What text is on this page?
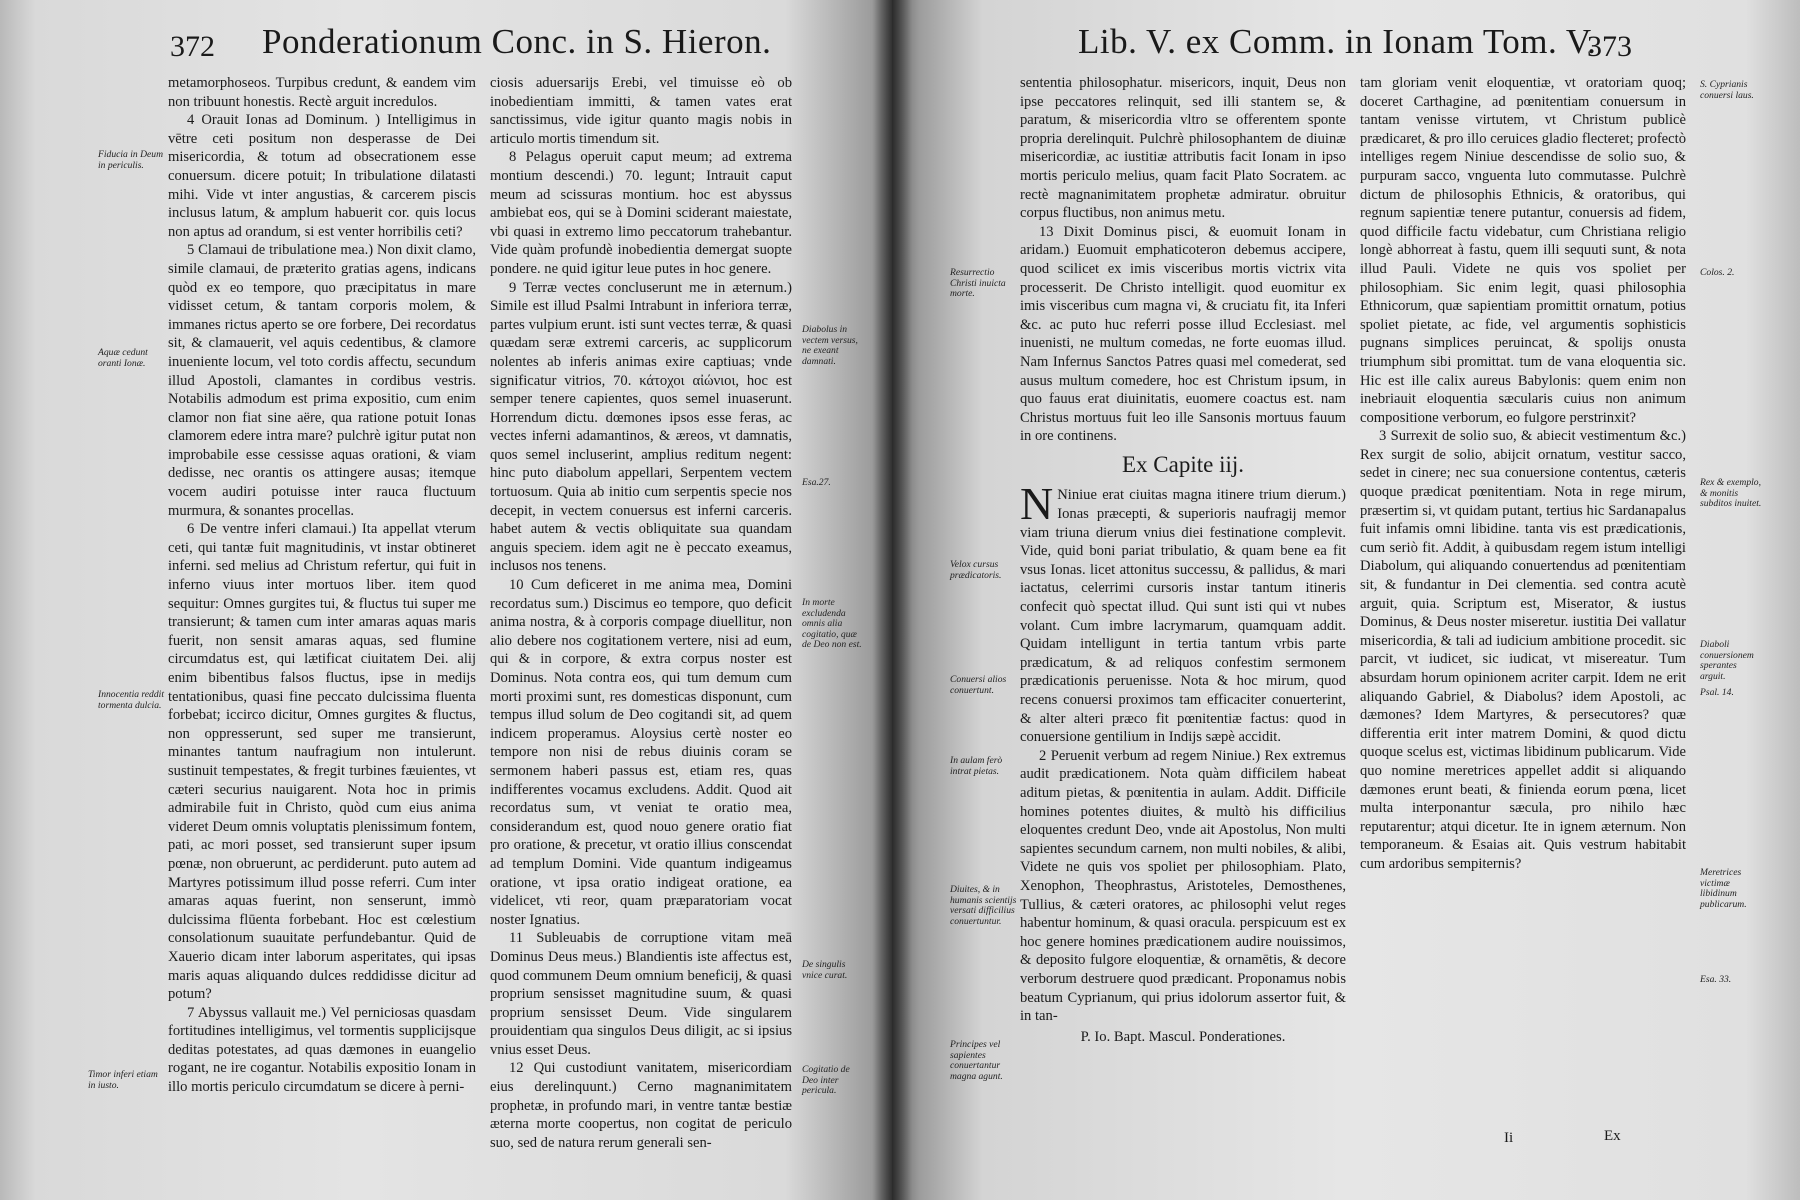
372 Ponderationum Conc. in S. Hieron.
Fiducia in Deum in periculis.
Aquæ cedunt oranti Ionæ.
Innocentia reddit tormenta dulcia.
Timor inferi etiam in iusto.

metamorphoseos. Turpibus credunt, & eandem vim non tribuunt honestis. Rectè arguit incredulos.

4 Orauit Ionas ad Dominum. ) Intelligimus in vētre ceti positum non desperasse de Dei misericordia, & totum ad obsecrationem esse conuersum. dicere potuit; In tribulatione dilatasti mihi. Vide vt inter angustias, & carcerem piscis inclusus latum, & amplum habuerit cor. quis locus non aptus ad orandum, si est venter horribilis ceti?

5 Clamaui de tribulatione mea.) Non dixit clamo, simile clamaui, de præterito gratias agens, indicans quòd ex eo tempore, quo præcipitatus in mare vidisset cetum, & tantam corporis molem, & immanes rictus aperto se ore forbere, Dei recordatus sit, & clamauerit, vel aquis cedentibus, & clamore inueniente locum, vel toto cordis affectu, secundum illud Apostoli, clamantes in cordibus vestris. Notabilis admodum est prima expositio, cum enim clamor non fiat sine aëre, qua ratione potuit Ionas clamorem edere intra mare? pulchrè igitur putat non improbabile esse cessisse aquas orationi, & viam dedisse, nec orantis os attingere ausas; itemque vocem audiri potuisse inter rauca fluctuum murmura, & sonantes procellas.

6 De ventre inferi clamaui.) Ita appellat vterum ceti, qui tantæ fuit magnitudinis, vt instar obtineret inferni. sed melius ad Christum refertur, qui fuit in inferno viuus inter mortuos liber. item quod sequitur: Omnes gurgites tui, & fluctus tui super me transierunt; & tamen cum inter amaras aquas maris fuerit, non sensit amaras aquas, sed flumine circumdatus est, qui lætificat ciuitatem Dei. alij enim bibentibus falsos fluctus, ipse in medijs tentationibus, quasi fine peccato dulcissima fluenta forbebat; iccirco dicitur, Omnes gurgites & fluctus, non oppresserunt, sed super me transierunt, minantes tantum naufragium non intulerunt. sustinuit tempestates, & fregit turbines fæuientes, vt cæteri securius nauigarent. Nota hoc in primis admirabile fuit in Christo, quòd cum eius anima videret Deum omnis voluptatis plenissimum fontem, pati, ac mori posset, sed transierunt super ipsum pœnæ, non obruerunt, ac perdiderunt. puto autem ad Martyres potissimum illud posse referri. Cum inter amaras aquas fuerint, non senserunt, immò dulcissima flūenta forbebant. Hoc est cœlestium consolationum suauitate perfundebantur. Quid de Xauerio dicam inter laborum asperitates, qui ipsas maris aquas aliquando dulces reddidisse dicitur ad potum?

7 Abyssus vallauit me.) Vel perniciosas quasdam fortitudines intelligimus, vel tormentis supplicijsque deditas potestates, ad quas dæmones in euangelio rogant, ne ire cogantur. Notabilis expositio Ionam in illo mortis periculo circumdatum se dicere à perni-

ciosis aduersarijs Erebi, vel timuisse eò ob inobedientiam immitti, & tamen vates erat sanctissimus, vide igitur quanto magis nobis in articulo mortis timendum sit.

8 Pelagus operuit caput meum; ad extrema montium descendi.) 70. legunt; Intrauit caput meum ad scissuras montium. hoc est abyssus ambiebat eos, qui se à Domini sciderant maiestate, vbi quasi in extremo limo peccatorum trahebantur. Vide quàm profundè inobedientia demergat suopte pondere. ne quid igitur leue putes in hoc genere.

9 Terræ vectes concluserunt me in æternum.) Simile est illud Psalmi Intrabunt in inferiora terræ, partes vulpium erunt. isti sunt vectes terræ, & quasi quædam seræ extremi carceris, ac supplicorum nolentes ab inferis animas exire captiuas; vnde significatur vitrios, 70. κάτοχοι αἰώνιοι, hoc est semper tenere capientes, quos semel inuaserunt. Horrendum dictu. dœmones ipsos esse feras, ac vectes inferni adamantinos, & æreos, vt damnatis, quos semel incluserint, amplius reditum negent: hinc puto diabolum appellari, Serpentem vectem tortuosum. Quia ab initio cum serpentis specie nos decepit, in vectem conuersus est inferni carceris. habet autem & vectis obliquitate sua quandam anguis speciem. idem agit ne è peccato exeamus, inclusos nos tenens.

10 Cum deficeret in me anima mea, Domini recordatus sum.) Discimus eo tempore, quo deficit anima nostra, & à corporis compage diuellitur, non alio debere nos cogitationem vertere, nisi ad eum, qui & in corpore, & extra corpus noster est Dominus. Nota contra eos, qui tum demum cum morti proximi sunt, res domesticas disponunt, cum tempus illud solum de Deo cogitandi sit, ad quem indicem properamus. Aloysius certè noster eo tempore non nisi de rebus diuinis coram se sermonem haberi passus est, etiam res, quas indifferentes vocamus excludens. Addit. Quod ait recordatus sum, vt veniat te oratio mea, considerandum est, quod nouo genere oratio fiat pro oratione, & precetur, vt oratio illius conscendat ad templum Domini. Vide quantum indigeamus oratione, vt ipsa oratio indigeat oratione, ea videlicet, vti reor, quam præparatoriam vocat noster Ignatius.

11 Subleuabis de corruptione vitam meā Dominus Deus meus.) Blandientis iste affectus est, quod communem Deum omnium beneficij, & quasi proprium sensisset magnitudine suum, & quasi proprium sensisset Deum. Vide singularem prouidentiam qua singulos Deus diligit, ac si ipsius vnius esset Deus.

12 Qui custodiunt vanitatem, misericordiam eius derelinquunt.) Cerno magnanimitatem prophetæ, in profundo mari, in ventre tantæ bestiæ æterna morte coopertus, non cogitat de periculo suo, sed de natura rerum generali sen-

Diabolus in vectem versus, ne exeant damnati.
Esa.27.
In morte excludenda omnis alia cogitatio, quæ de Deo non est.
De singulis vnice curat.
Cogitatio de Deo inter pericula.
Lib. V. ex Comm. in Ionam Tom. V.
373
Resurrectio Christi inuicta morte.
Velox cursus prædicatoris.
Conuersi alios conuertunt.
In aulam ferò intrat pietas.
Diuites, & in humanis scientijs versati difficilius conuertuntur.
Principes vel sapientes conuertantur magna agunt.

sententia philosophatur. misericors, inquit, Deus non ipse peccatores relinquit, sed illi stantem se, & paratum, & misericordia vltro se offerentem sponte propria derelinquit. Pulchrè philosophantem de diuinæ misericordiæ, ac iustitiæ attributis facit Ionam in ipso mortis periculo melius, quam facit Plato Socratem. ac rectè magnanimitatem prophetæ admiratur. obruitur corpus fluctibus, non animus metu.

13 Dixit Dominus pisci, & euomuit Ionam in aridam.) Euomuit emphaticoteron debemus accipere, quod scilicet ex imis visceribus mortis victrix vita processerit. De Christo intelligit. quod euomitur ex imis visceribus cum magna vi, & cruciatu fit, ita Inferi &c. ac puto huc referri posse illud Ecclesiast. mel inuenisti, ne multum comedas, ne forte euomas illud. Nam Infernus Sanctos Patres quasi mel comederat, sed ausus multum comedere, hoc est Christum ipsum, in quo fauus erat diuinitatis, euomere coactus est. nam Christus mortuus fuit leo ille Sansonis mortuus fauum in ore continens.

Ex Capite iij.

N Niniue erat ciuitas magna itinere trium dierum.) Ionas præcepti, & superioris naufragij memor viam triuna dierum vnius diei festinatione complevit. Vide, quid boni pariat tribulatio, & quam bene ea fit vsus Ionas. licet attonitus successu, & pallidus, & mari iactatus, celerrimi cursoris instar tantum itineris confecit quò spectat illud. Qui sunt isti qui vt nubes volant. Cum imbre lacrymarum, quamquam addit. Quidam intelligunt in tertia tantum vrbis parte prædicatum, & ad reliquos confestim sermonem prædicationis peruenisse. Nota & hoc mirum, quod recens conuersi proximos tam efficaciter conuerterint, & alter alteri præco fit pœnitentiæ factus: quod in conuersione gentilium in Indijs sæpè accidit.

2 Peruenit verbum ad regem Niniue.) Rex extremus audit prædicationem. Nota quàm difficilem habeat aditum pietas, & pœnitentia in aulam. Addit. Difficile homines potentes diuites, & multò his difficilius eloquentes credunt Deo, vnde ait Apostolus, Non multi sapientes secundum carnem, non multi nobiles, & alibi, Videte ne quis vos spoliet per philosophiam. Plato, Xenophon, Theophrastus, Aristoteles, Demosthenes, Tullius, & cæteri oratores, ac philosophi velut reges habentur hominum, & quasi oracula. perspicuum est ex hoc genere homines prædicationem audire nouissimos, & deposito fulgore eloquentiæ, & ornamētis, & decore verborum destruere quod prædicant. Proponamus nobis beatum Cyprianum, qui prius idolorum assertor fuit, & in tan-

P. Io. Bapt. Mascul. Ponderationes.

tam gloriam venit eloquentiæ, vt oratoriam quoq; doceret Carthagine, ad pœnitentiam conuersum in tantam venisse virtutem, vt Christum publicè prædicaret, & pro illo ceruices gladio flecteret; profectò intelliges regem Niniue descendisse de solio suo, & purpuram sacco, vnguenta luto commutasse. Pulchrè dictum de philosophis Ethnicis, & oratoribus, qui regnum sapientiæ tenere putantur, conuersis ad fidem, quod difficile factu videbatur, cum Christiana religio longè abhorreat à fastu, quem illi sequuti sunt, & nota illud Pauli. Videte ne quis vos spoliet per philosophiam. Sic enim legit, quasi philosophia Ethnicorum, quæ sapientiam promittit ornatum, potius spoliet pietate, ac fide, vel argumentis sophisticis pugnans simplices peruincat, & spolijs onusta triumphum sibi promittat. tum de vana eloquentia sic. Hic est ille calix aureus Babylonis: quem enim non inebriauit eloquentia sæcularis cuius non animum compositione verborum, eo fulgore perstrinxit?

3 Surrexit de solio suo, & abiecit vestimentum &c.) Rex surgit de solio, abijcit ornatum, vestitur sacco, sedet in cinere; nec sua conuersione contentus, cæteris quoque prædicat pœnitentiam. Nota in rege mirum, præsertim si, vt quidam putant, tertius hic Sardanapalus fuit infamis omni libidine. tanta vis est prædicationis, cum seriò fit. Addit, à quibusdam regem istum intelligi Diabolum, qui aliquando conuertendus ad pœnitentiam sit, & fundantur in Dei clementia. sed contra acutè arguit, quia. Scriptum est, Miserator, & iustus Dominus, & Deus noster miseretur. iustitia Dei vallatur misericordia, & tali ad iudicium ambitione procedit. sic parcit, vt iudicet, sic iudicat, vt misereatur. Tum absurdam horum opinionem acriter carpit. Idem ne erit aliquando Gabriel, & Diabolus? idem Apostoli, ac dæmones? Idem Martyres, & persecutores? quæ differentia erit inter matrem Domini, & quod dictu quoque scelus est, victimas libidinum publicarum. Vide quo nomine meretrices appellet addit si aliquando dæmones erunt beati, & finienda eorum pœna, licet multa interponantur sæcula, pro nihilo hæc reputarentur; atqui dicetur. Ite in ignem æternum. Non temporaneum. & Esaias ait. Quis vestrum habitabit cum ardoribus sempiternis?

S. Cyprianis conuersi laus.
Colos. 2.
Rex & exemplo, & monitis subditos inuitet.
Diaboli conuersionem sperantes arguit.
Psal. 14.
Meretrices victimæ libidinum publicarum.
Esa. 33.
Ii	Ex
